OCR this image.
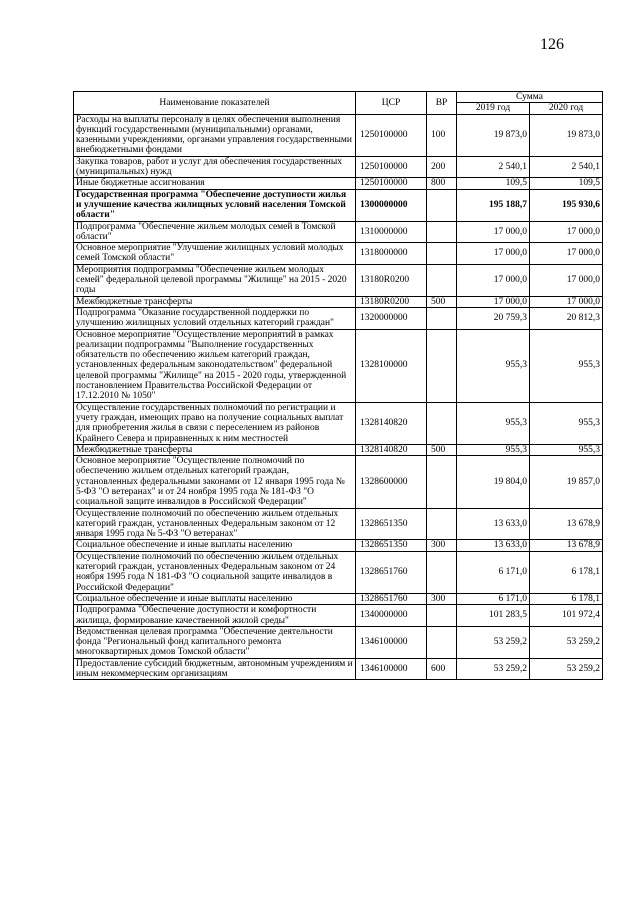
126
Наименование показателей	ЦСР	ВР	Сумма	
			2019 год	2020 год
Расходы на выплаты персоналу в целях обеспечения выполнения функций государственными (муниципальными) органами, казенными учреждениями, органами управления государственными внебюджетными фондами	1250100000	100	19 873,0	19 873,0
Закупка товаров, работ и услуг для обеспечения государственных (муниципальных) нужд	1250100000	200	2 540,1	2 540,1
Иные бюджетные ассигнования	1250100000	800	109,5	109,5
Государственная программа "Обеспечение доступности жилья и улучшение качества жилищных условий населения Томской области"	1300000000		195 188,7	195 930,6
Подпрограмма "Обеспечение жильем молодых семей в Томской области"	1310000000		17 000,0	17 000,0
Основное мероприятие "Улучшение жилищных условий молодых семей Томской области"	1318000000		17 000,0	17 000,0
Мероприятия подпрограммы "Обеспечение жильем молодых семей" федеральной целевой программы "Жилище" на 2015 - 2020 годы	13180R0200		17 000,0	17 000,0
Межбюджетные трансферты	13180R0200	500	17 000,0	17 000,0
Подпрограмма "Оказание государственной поддержки по улучшению жилищных условий отдельных категорий граждан"	1320000000		20 759,3	20 812,3
Основное мероприятие "Осуществление мероприятий в рамках реализации подпрограммы "Выполнение государственных обязательств по обеспечению жильем категорий граждан, установленных федеральным законодательством" федеральной целевой программы "Жилище" на 2015 - 2020 годы, утвержденной постановлением Правительства Российской Федерации от 17.12.2010 № 1050"	1328100000		955,3	955,3
Осуществление государственных полномочий по регистрации и учету граждан, имеющих право на получение социальных выплат для приобретения жилья в связи с переселением из районов Крайнего Севера и приравненных к ним местностей	1328140820		955,3	955,3
Межбюджетные трансферты	1328140820	500	955,3	955,3
Основное мероприятие "Осуществление полномочий по обеспечению жильем отдельных категорий граждан, установленных федеральными законами от 12 января 1995 года № 5-ФЗ "О ветеранах" и от 24 ноября 1995 года № 181-ФЗ "О социальной защите инвалидов в Российской Федерации"	1328600000		19 804,0	19 857,0
Осуществление полномочий по обеспечению жильем отдельных категорий граждан, установленных Федеральным законом от 12 января 1995 года № 5-ФЗ "О ветеранах"	1328651350		13 633,0	13 678,9
Социальное обеспечение и иные выплаты населению	1328651350	300	13 633,0	13 678,9
Осуществление полномочий по обеспечению жильем отдельных категорий граждан, установленных Федеральным законом от 24 ноября 1995 года N 181-ФЗ "О социальной защите инвалидов в Российской Федерации"	1328651760		6 171,0	6 178,1
Социальное обеспечение и иные выплаты населению	1328651760	300	6 171,0	6 178,1
Подпрограмма "Обеспечение доступности и комфортности жилища, формирование качественной жилой среды"	1340000000		101 283,5	101 972,4
Ведомственная целевая программа "Обеспечение деятельности фонда "Региональный фонд капитального ремонта многоквартирных домов Томской области"	1346100000		53 259,2	53 259,2
Предоставление субсидий бюджетным, автономным учреждениям и иным некоммерческим организациям	1346100000	600	53 259,2	53 259,2
